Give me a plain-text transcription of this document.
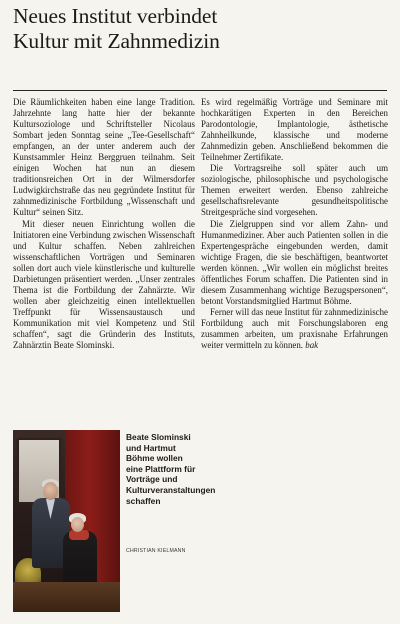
Neues Institut verbindet Kultur mit Zahnmedizin

Die Räumlichkeiten haben eine lange Tradition. Jahrzehnte lang hatte hier der bekannte Kultursoziologe und Schriftsteller Nicolaus Sombart jeden Sonntag seine „Tee-Gesellschaft“ empfangen, an der unter anderem auch der Kunstsammler Heinz Berggruen teilnahm. Seit einigen Wochen hat nun an diesem traditionsreichen Ort in der Wilmersdorfer Ludwigkirchstraße das neu gegründete Institut für zahnmedizinische Fortbildung „Wissenschaft und Kultur“ seinen Sitz.

Mit dieser neuen Einrichtung wollen die Initiatoren eine Verbindung zwischen Wissenschaft und Kultur schaffen. Neben zahlreichen wissenschaftlichen Vorträgen und Seminaren sollen dort auch viele künstlerische und kulturelle Darbietungen präsentiert werden. „Unser zentrales Thema ist die Fortbildung der Zahnärzte. Wir wollen aber gleichzeitig einen intellektuellen Treffpunkt für Wissensaustausch und Kommunikation mit viel Kompetenz und Stil schaffen“, sagt die Gründerin des Instituts, Zahnärztin Beate Slominski.

Es wird regelmäßig Vorträge und Seminare mit hochkarätigen Experten in den Bereichen Parodontologie, Implantologie, ästhetische Zahnheilkunde, klassische und moderne Zahnmedizin geben. Anschließend bekommen die Teilnehmer Zertifikate.

Die Vortragsreihe soll später auch um soziologische, philosophische und psychologische Themen erweitert werden. Ebenso zahlreiche gesellschaftsrelevante gesundheitspolitische Streitgespräche sind vorgesehen.

Die Zielgruppen sind vor allem Zahn- und Humanmediziner. Aber auch Patienten sollen in die Expertengespräche eingebunden werden, damit wichtige Fragen, die sie beschäftigen, beantwortet werden können. „Wir wollen ein möglichst breites öffentliches Forum schaffen. Die Patienten sind in diesem Zusammenhang wichtige Bezugspersonen“, betont Vorstandsmitglied Hartmut Böhme.

Ferner will das neue Institut für zahnmedizinische Fortbildung auch mit Forschungslaboren eng zusammen arbeiten, um praxisnahe Erfahrungen weiter vermitteln zu können. bak

Beate Slominski und Hartmut Böhme wollen eine Plattform für Vorträge und Kulturveranstaltungen schaffen
CHRISTIAN KIELMANN
